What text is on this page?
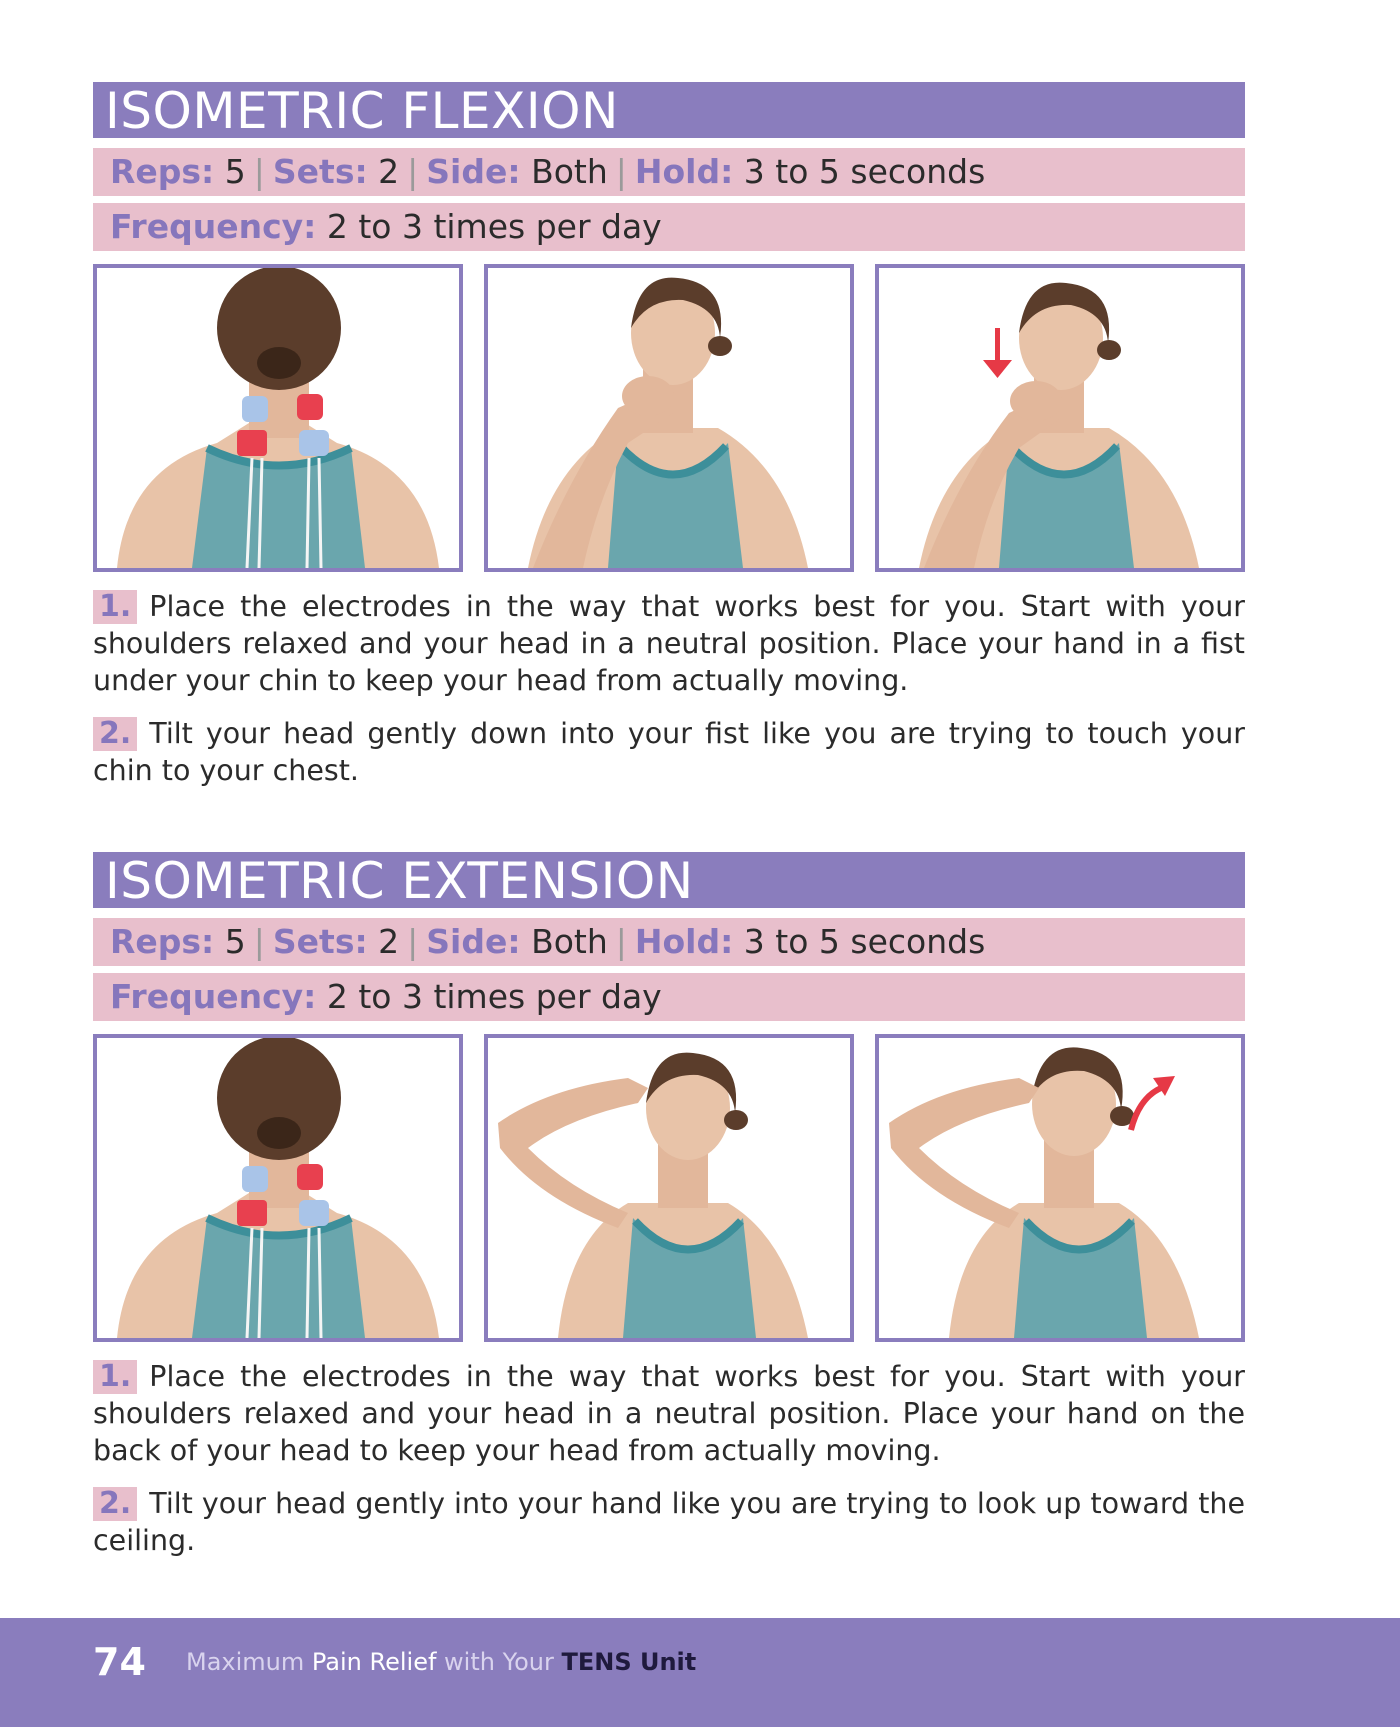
ISOMETRIC FLEXION
Reps: 5 | Sets: 2 | Side: Both | Hold: 3 to 5 seconds
Frequency: 2 to 3 times per day
1. Place the electrodes in the way that works best for you. Start with your shoulders relaxed and your head in a neutral position. Place your hand in a fist under your chin to keep your head from actually moving.
2. Tilt your head gently down into your fist like you are trying to touch your chin to your chest.
ISOMETRIC EXTENSION
Reps: 5 | Sets: 2 | Side: Both | Hold: 3 to 5 seconds
Frequency: 2 to 3 times per day
1. Place the electrodes in the way that works best for you. Start with your shoulders relaxed and your head in a neutral position. Place your hand on the back of your head to keep your head from actually moving.
2. Tilt your head gently into your hand like you are trying to look up toward the ceiling.
74 Maximum Pain Relief with Your TENS Unit
